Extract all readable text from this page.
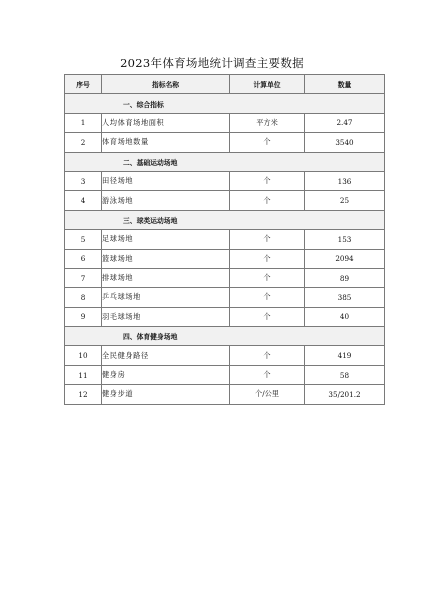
2023年体育场地统计调查主要数据
序号	指标名称	计算单位	数量
一、综合指标			
1	人均体育场地面积	平方米	2.47
2	体育场地数量	个	3540
二、基础运动场地			
3	田径场地	个	136
4	游泳场地	个	25
三、球类运动场地			
5	足球场地	个	153
6	篮球场地	个	2094
7	排球场地	个	89
8	乒乓球场地	个	385
9	羽毛球场地	个	40
四、体育健身场地			
10	全民健身路径	个	419
11	健身房	个	58
12	健身步道	个/公里	35/201.2
